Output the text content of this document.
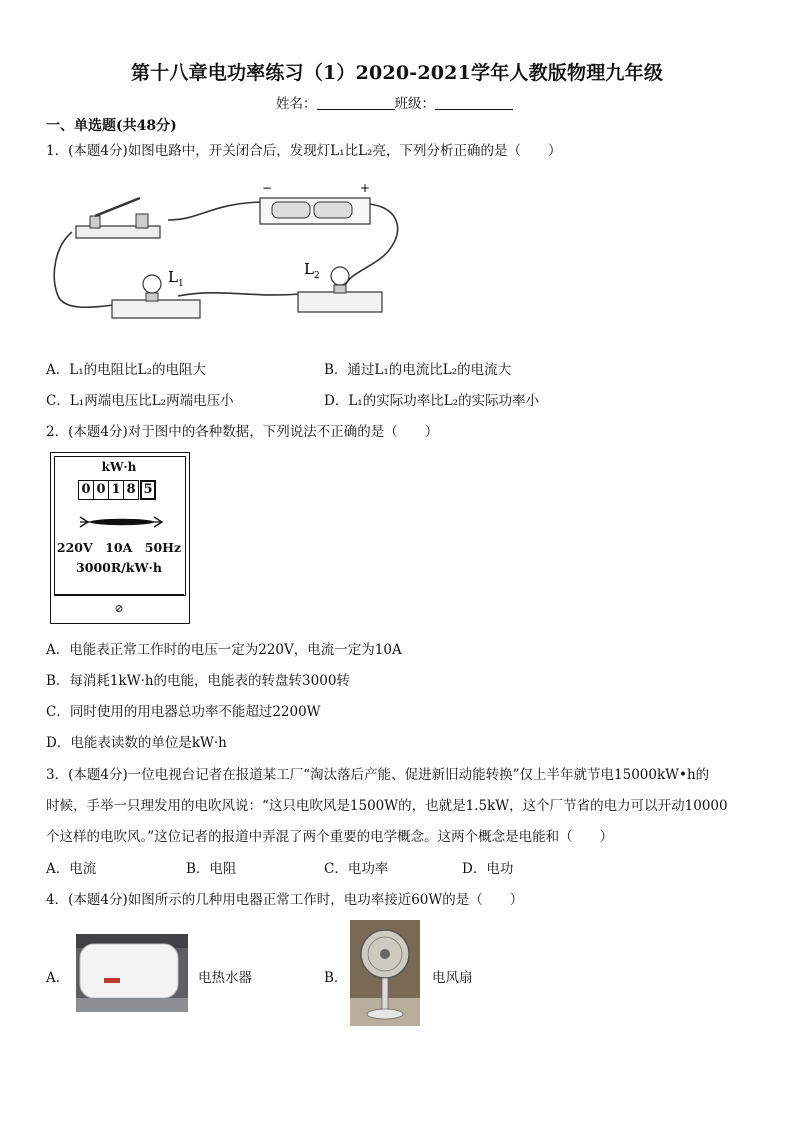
第十八章电功率练习（1）2020-2021学年人教版物理九年级
姓名：	班级：
一、单选题(共48分)
1．(本题4分)如图电路中，开关闭合后，发现灯L₁比L₂亮，下列分析正确的是（　　）
−	+
L 1
L 2
A．L₁的电阻比L₂的电阻大	B．通过L₁的电流比L₂的电流大
C．L₁两端电压比L₂两端电压小	D．L₁的实际功率比L₂的实际功率小
2．(本题4分)对于图中的各种数据，下列说法不正确的是（　　）
kW·h
0 0 1 8 5
220V　10A　50Hz
3000R/kW·h
⊘
A．电能表正常工作时的电压一定为220V，电流一定为10A
B．每消耗1kW·h的电能，电能表的转盘转3000转
C．同时使用的用电器总功率不能超过2200W
D．电能表读数的单位是kW·h
3．(本题4分)一位电视台记者在报道某工厂“淘汰落后产能、促进新旧动能转换”仅上半年就节电15000kW•h的
时候，手举一只理发用的电吹风说：“这只电吹风是1500W的，也就是1.5kW，这个厂节省的电力可以开动10000
个这样的电吹风。”这位记者的报道中弄混了两个重要的电学概念。这两个概念是电能和（　　）
A．电流	B．电阻	C．电功率	D．电功
4．(本题4分)如图所示的几种用电器正常工作时，电功率接近60W的是（　　）
A．	电热水器	B．	电风扇
